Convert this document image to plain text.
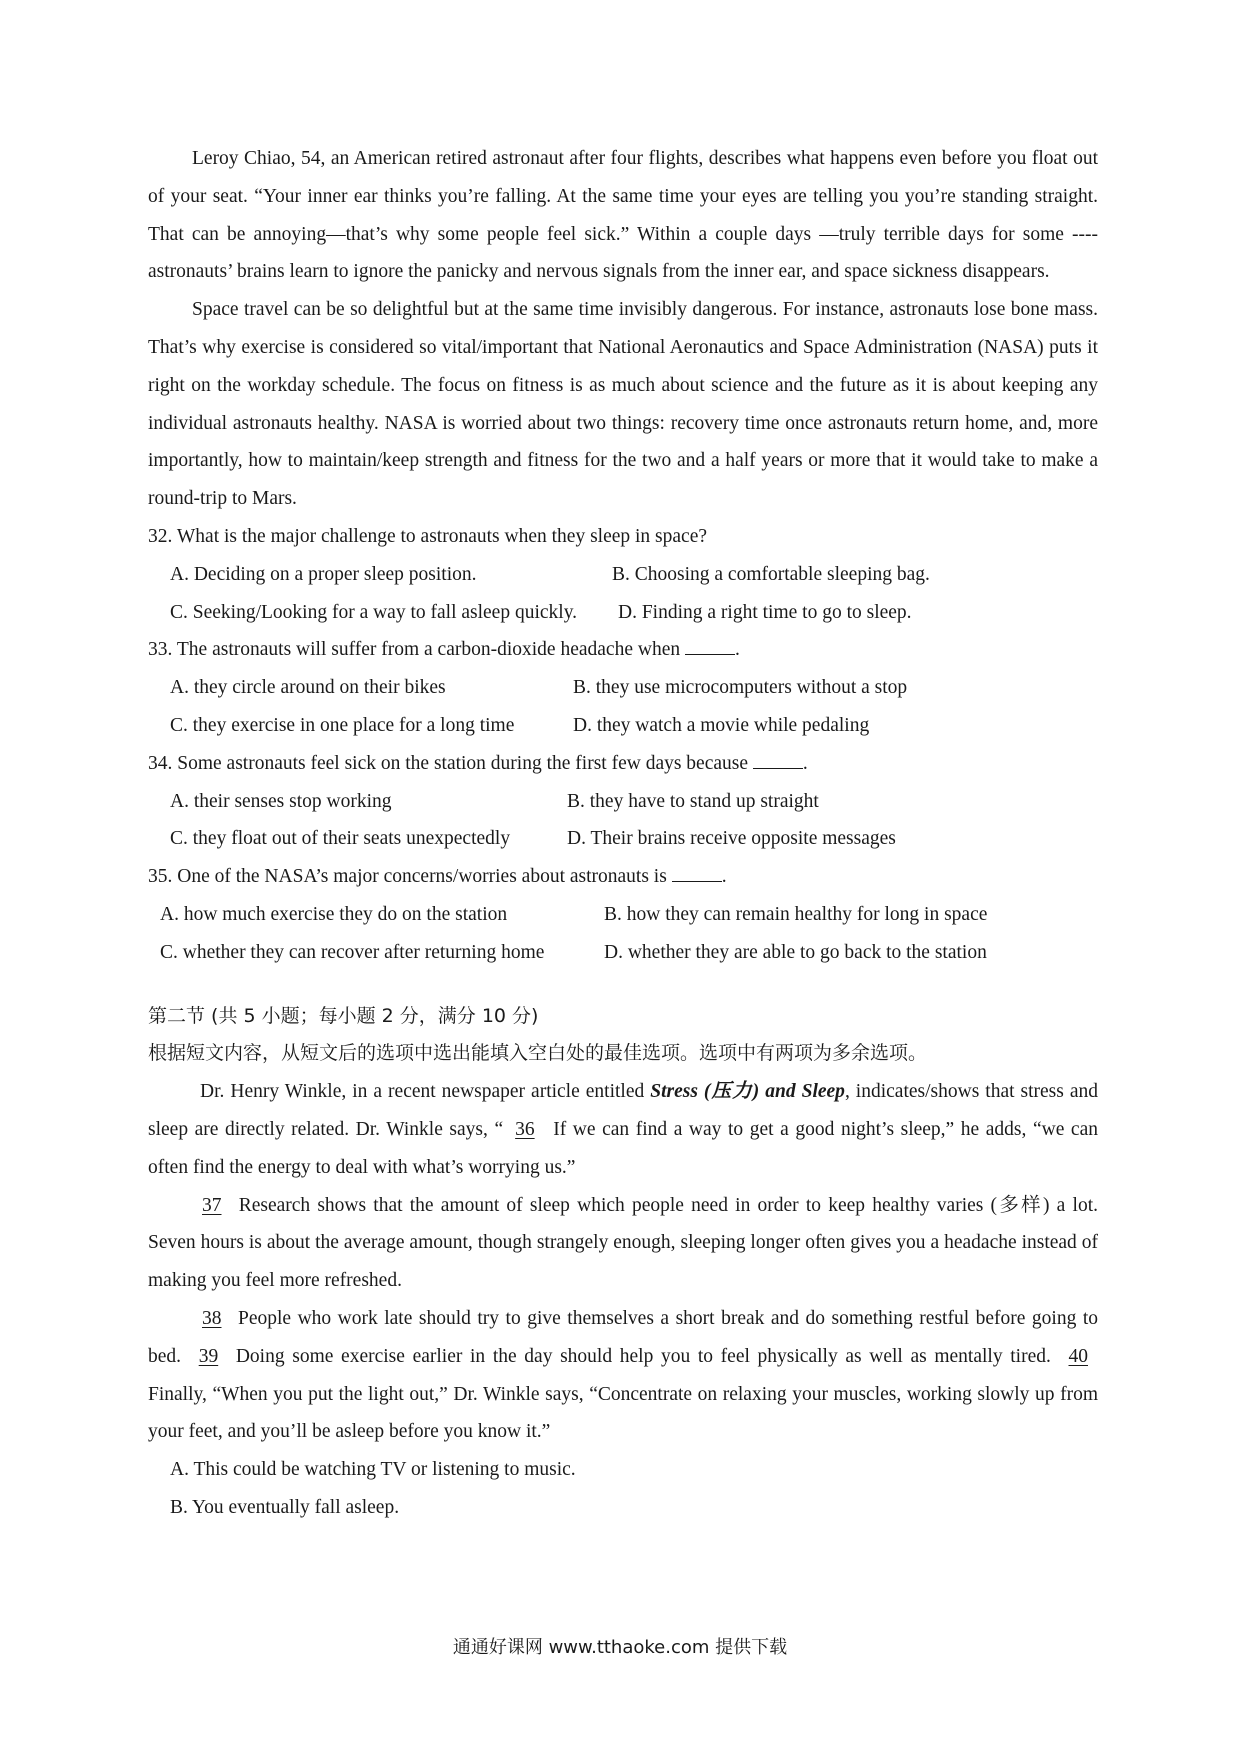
Leroy Chiao, 54, an American retired astronaut after four flights, describes what happens even before you float out of your seat. “Your inner ear thinks you’re falling. At the same time your eyes are telling you you’re standing straight. That can be annoying—that’s why some people feel sick.” Within a couple days —truly terrible days for some ---- astronauts’ brains learn to ignore the panicky and nervous signals from the inner ear, and space sickness disappears.

Space travel can be so delightful but at the same time invisibly dangerous. For instance, astronauts lose bone mass. That’s why exercise is considered so vital/important that National Aeronautics and Space Administration (NASA) puts it right on the workday schedule. The focus on fitness is as much about science and the future as it is about keeping any individual astronauts healthy. NASA is worried about two things: recovery time once astronauts return home, and, more importantly, how to maintain/keep strength and fitness for the two and a half years or more that it would take to make a round-trip to Mars.

32. What is the major challenge to astronauts when they sleep in space?

A. Deciding on a proper sleep position.	B. Choosing a comfortable sleeping bag.
C. Seeking/Looking for a way to fall asleep quickly.	D. Finding a right time to go to sleep.

33. The astronauts will suffer from a carbon-dioxide headache when	.

A. they circle around on their bikes	B. they use microcomputers without a stop
C. they exercise in one place for a long time	D. they watch a movie while pedaling

34. Some astronauts feel sick on the station during the first few days because	.

A. their senses stop working	B. they have to stand up straight
C. they float out of their seats unexpectedly	D. Their brains receive opposite messages

35. One of the NASA’s major concerns/worries about astronauts is	.

A. how much exercise they do on the station	B. how they can remain healthy for long in space
C. whether they can recover after returning home	D. whether they are able to go back to the station

第二节 (共 5 小题；每小题 2 分，满分 10 分)

根据短文内容，从短文后的选项中选出能填入空白处的最佳选项。选项中有两项为多余选项。

Dr. Henry Winkle, in a recent newspaper article entitled Stress (压力) and Sleep, indicates/shows that stress and sleep are directly related. Dr. Winkle says, “ 36 If we can find a way to get a good night’s sleep,” he adds, “we can often find the energy to deal with what’s worrying us.”

37 Research shows that the amount of sleep which people need in order to keep healthy varies (多样) a lot. Seven hours is about the average amount, though strangely enough, sleeping longer often gives you a headache instead of making you feel more refreshed.

38 People who work late should try to give themselves a short break and do something restful before going to bed. 39 Doing some exercise earlier in the day should help you to feel physically as well as mentally tired. 40 Finally, “When you put the light out,” Dr. Winkle says, “Concentrate on relaxing your muscles, working slowly up from your feet, and you’ll be asleep before you know it.”

A. This could be watching TV or listening to music.

B. You eventually fall asleep.

通通好课网 www.tthaoke.com 提供下载
